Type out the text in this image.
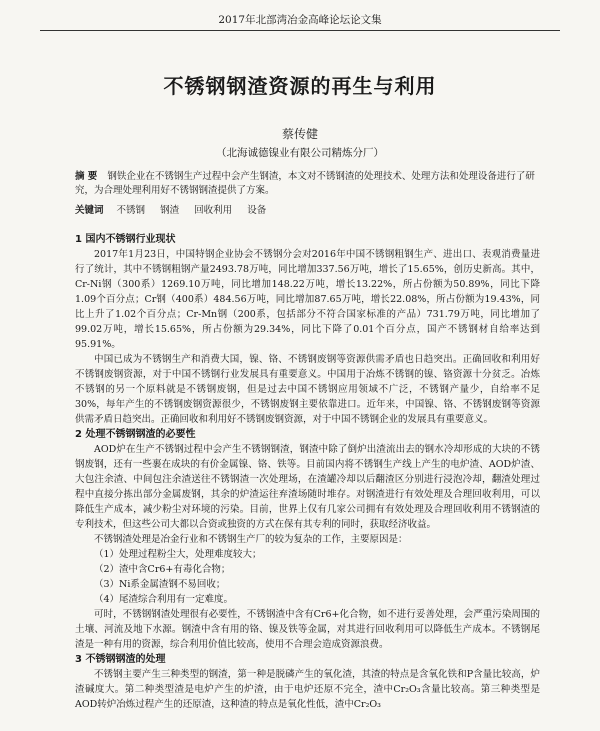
2017年北部湾冶金高峰论坛论文集
不锈钢钢渣资源的再生与利用
蔡传健
（北海诚德镍业有限公司精炼分厂）
摘 要 钢铁企业在不锈钢生产过程中会产生钢渣，本文对不锈钢渣的处理技术、处理方法和处理设备进行了研究，为合理处理利用好不锈钢钢渣提供了方案。
关键词 不锈钢 钢渣 回收利用 设备
1 国内不锈钢行业现状

2017年1月23日，中国特钢企业协会不锈钢分会对2016年中国不锈钢粗钢生产、进出口、表观消费量进行了统计，其中不锈钢粗钢产量2493.78万吨，同比增加337.56万吨，增长了15.65%，创历史新高。其中，Cr-Ni钢（300系）1269.10万吨，同比增加148.22万吨，增长13.22%，所占份额为50.89%，同比下降1.09个百分点；Cr钢（400系）484.56万吨，同比增加87.65万吨，增长22.08%，所占份额为19.43%，同比上升了1.02个百分点；Cr-Mn钢（200系，包括部分不符合国家标准的产品）731.79万吨，同比增加了99.02万吨，增长15.65%，所占份额为29.34%，同比下降了0.01个百分点，国产不锈钢材自给率达到95.91%。

中国已成为不锈钢生产和消费大国，镍、铬、不锈钢废钢等资源供需矛盾也日趋突出。正确回收和利用好不锈钢废钢资源，对于中国不锈钢行业发展具有重要意义。中国用于冶炼不锈钢的镍、铬资源十分贫乏。冶炼不锈钢的另一个原料就是不锈钢废钢，但是过去中国不锈钢应用领域不广泛，不锈钢产量少，自给率不足30%，每年产生的不锈钢废钢资源很少，不锈钢废钢主要依靠进口。近年来，中国镍、铬、不锈钢废钢等资源供需矛盾日趋突出。正确回收和利用好不锈钢废钢资源，对于中国不锈钢企业的发展具有重要意义。

2 处理不锈钢钢渣的必要性

AOD炉在生产不锈钢过程中会产生不锈钢钢渣，钢渣中除了倒炉出渣流出去的钢水冷却形成的大块的不锈钢废钢，还有一些裹在成块的有价金属镍、铬、铁等。目前国内将不锈钢生产线上产生的电炉渣、AOD炉渣、大包注余渣、中间包注余渣送往不锈钢渣一次处理场，在渣罐冷却以后翻渣区分别进行浸泡冷却，翻渣处理过程中直接分拣出部分金属废钢，其余的炉渣运往弃渣场随时堆存。对钢渣进行有效处理及合理回收利用，可以降低生产成本，减少粉尘对环境的污染。目前，世界上仅有几家公司拥有有效处理及合理回收利用不锈钢渣的专利技术，但这些公司大都以合资或独资的方式在保有其专利的同时，获取经济收益。

不锈钢渣处理是冶金行业和不锈钢生产厂的较为复杂的工作，主要原因是：

（1）处理过程粉尘大，处理难度较大；

（2）渣中含Cr6+有毒化合物；

（3）Ni系金属渣钢不易回收；

（4）尾渣综合利用有一定难度。

可时，不锈钢钢渣处理很有必要性，不锈钢渣中含有Cr6+化合物，如不进行妥善处理，会严重污染周围的土壤、河流及地下水源。钢渣中含有用的铬、镍及铁等金属，对其进行回收利用可以降低生产成本。不锈钢尾渣是一种有用的资源，综合利用价值比较高，使用不合理会造成资源浪费。

3 不锈钢钢渣的处理

不锈钢主要产生三种类型的钢渣，第一种是脱磷产生的氧化渣，其渣的特点是含氧化铁和P含量比较高，炉渣碱度大。第二种类型渣是电炉产生的炉渣，由于电炉还原不完全，渣中Cr₂O₃含量比较高。第三种类型是AOD转炉冶炼过程产生的还原渣，这种渣的特点是氧化性低，渣中Cr₂O₃
